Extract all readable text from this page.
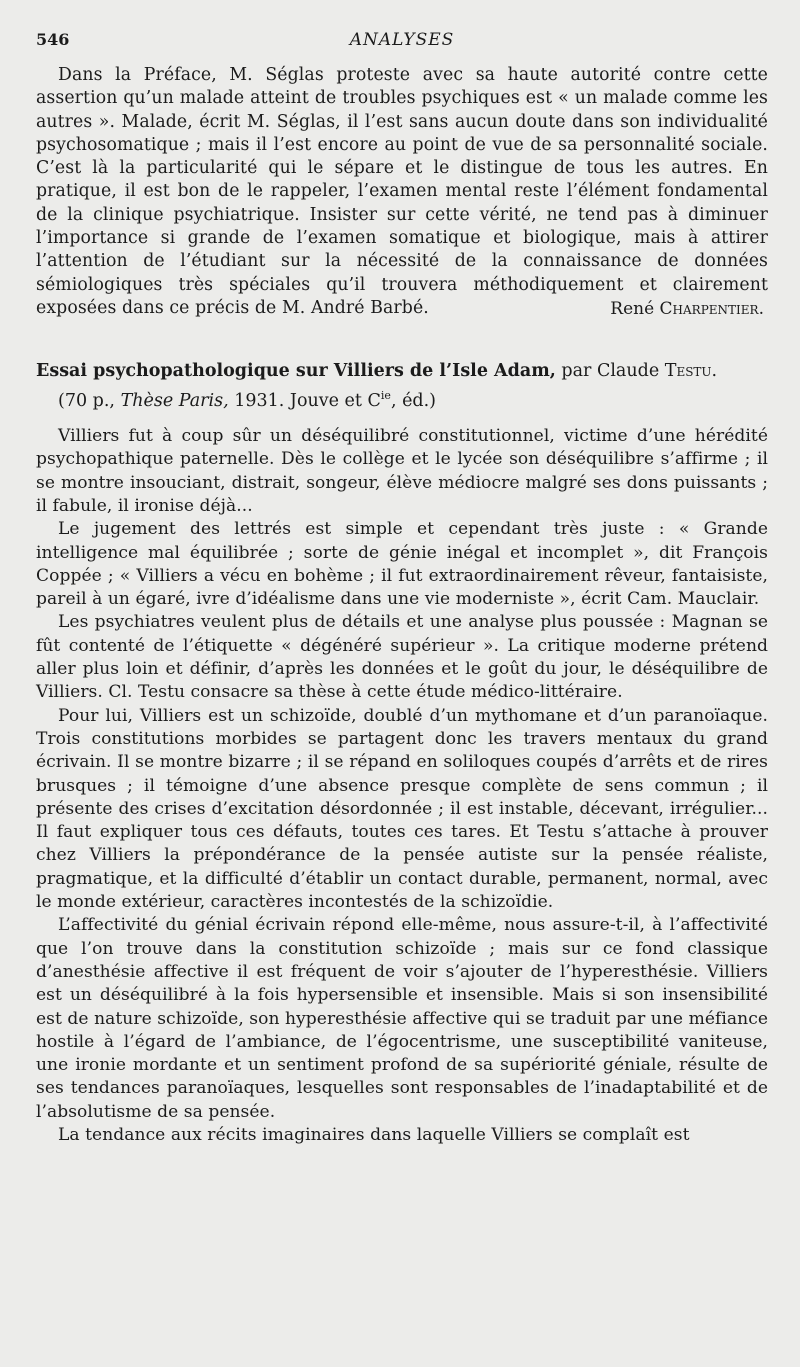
546	ANALYSES

Dans la Préface, M. Séglas proteste avec sa haute autorité contre cette assertion qu’un malade atteint de troubles psychiques est « un malade comme les autres ». Malade, écrit M. Séglas, il l’est sans aucun doute dans son individualité psychosomatique ; mais il l’est encore au point de vue de sa personnalité sociale. C’est là la particularité qui le sépare et le distingue de tous les autres. En pratique, il est bon de le rappeler, l’examen mental reste l’élément fondamental de la clinique psychiatrique. Insister sur cette vérité, ne tend pas à diminuer l’importance si grande de l’examen somatique et biologique, mais à attirer l’attention de l’étudiant sur la nécessité de la connaissance de données sémiologiques très spéciales qu’il trouvera méthodiquement et clairement exposées dans ce précis de M. André Barbé.	René Charpentier.
Essai psychopathologique sur Villiers de l’Isle Adam, par Claude Testu.
(70 p., Thèse Paris, 1931. Jouve et $C^{ie}$, éd.)

Villiers fut à coup sûr un déséquilibré constitutionnel, victime d’une hérédité psychopathique paternelle. Dès le collège et le lycée son déséquilibre s’affirme ; il se montre insouciant, distrait, songeur, élève médiocre malgré ses dons puissants ; il fabule, il ironise déjà...

Le jugement des lettrés est simple et cependant très juste : « Grande intelligence mal équilibrée ; sorte de génie inégal et incomplet », dit François Coppée ; « Villiers a vécu en bohème ; il fut extraordinairement rêveur, fantaisiste, pareil à un égaré, ivre d’idéalisme dans une vie moderniste », écrit Cam. Mauclair.

Les psychiatres veulent plus de détails et une analyse plus poussée : Magnan se fût contenté de l’étiquette « dégénéré supérieur ». La critique moderne prétend aller plus loin et définir, d’après les données et le goût du jour, le déséquilibre de Villiers. Cl. Testu consacre sa thèse à cette étude médico-littéraire.

Pour lui, Villiers est un schizoïde, doublé d’un mythomane et d’un paranoïaque. Trois constitutions morbides se partagent donc les travers mentaux du grand écrivain. Il se montre bizarre ; il se répand en soliloques coupés d’arrêts et de rires brusques ; il témoigne d’une absence presque complète de sens commun ; il présente des crises d’excitation désordonnée ; il est instable, décevant, irrégulier... Il faut expliquer tous ces défauts, toutes ces tares. Et Testu s’attache à prouver chez Villiers la prépondérance de la pensée autiste sur la pensée réaliste, pragmatique, et la difficulté d’établir un contact durable, permanent, normal, avec le monde extérieur, caractères incontestés de la schizoïdie.

L’affectivité du génial écrivain répond elle-même, nous assure-t-il, à l’affectivité que l’on trouve dans la constitution schizoïde ; mais sur ce fond classique d’anesthésie affective il est fréquent de voir s’ajouter de l’hyperesthésie. Villiers est un déséquilibré à la fois hypersensible et insensible. Mais si son insensibilité est de nature schizoïde, son hyperesthésie affective qui se traduit par une méfiance hostile à l’égard de l’ambiance, de l’égocentrisme, une susceptibilité vaniteuse, une ironie mordante et un sentiment profond de sa supériorité géniale, résulte de ses tendances paranoïaques, lesquelles sont responsables de l’inadaptabilité et de l’absolutisme de sa pensée.

La tendance aux récits imaginaires dans laquelle Villiers se complaît est
